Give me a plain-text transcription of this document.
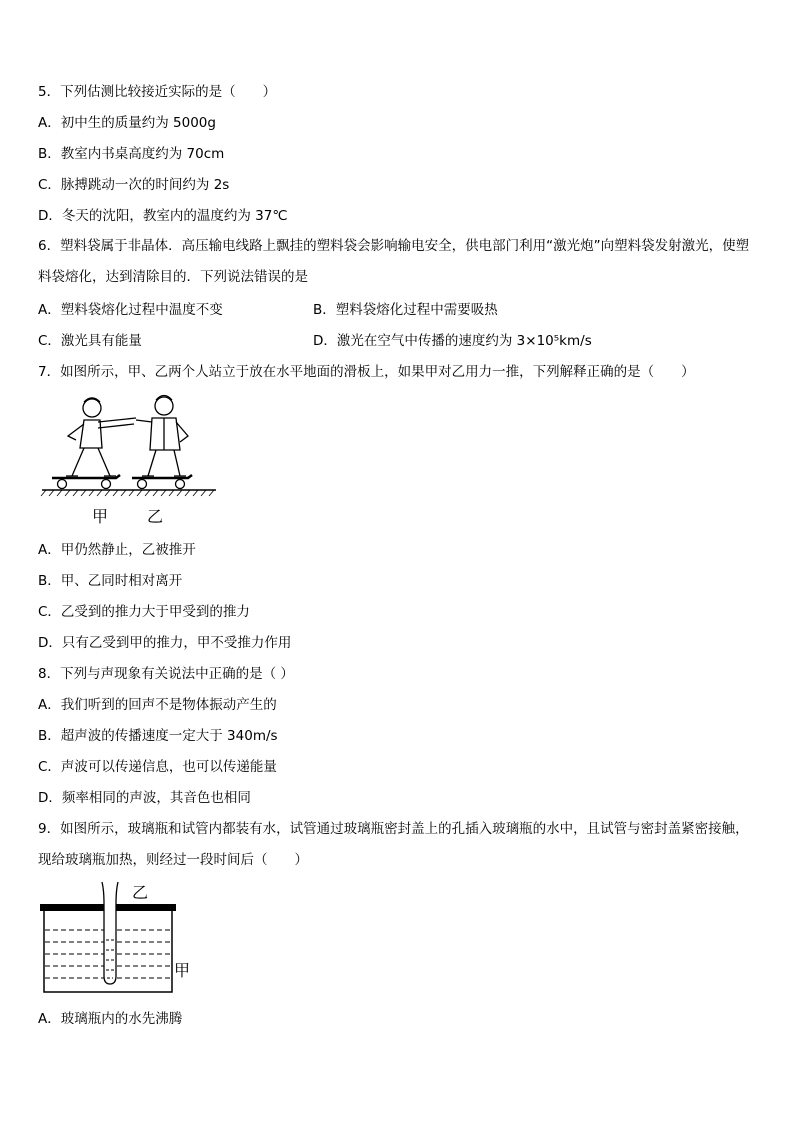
5．下列估测比较接近实际的是（　　）
A．初中生的质量约为 5000g
B．教室内书桌高度约为 70cm
C．脉搏跳动一次的时间约为 2s
D．冬天的沈阳，教室内的温度约为 37℃
6．塑料袋属于非晶体．高压输电线路上飘挂的塑料袋会影响输电安全，供电部门利用“激光炮”向塑料袋发射激光，使塑料袋熔化，达到清除目的．下列说法错误的是
A．塑料袋熔化过程中温度不变	B．塑料袋熔化过程中需要吸热
C．激光具有能量	D．激光在空气中传播的速度约为 3×10⁵km/s
7．如图所示，甲、乙两个人站立于放在水平地面的滑板上，如果甲对乙用力一推，下列解释正确的是（　　）
甲 乙
A．甲仍然静止，乙被推开
B．甲、乙同时相对离开
C．乙受到的推力大于甲受到的推力
D．只有乙受到甲的推力，甲不受推力作用
8．下列与声现象有关说法中正确的是（ ）
A．我们听到的回声不是物体振动产生的
B．超声波的传播速度一定大于 340m/s
C．声波可以传递信息，也可以传递能量
D．频率相同的声波，其音色也相同
9．如图所示，玻璃瓶和试管内都装有水，试管通过玻璃瓶密封盖上的孔插入玻璃瓶的水中，且试管与密封盖紧密接触，现给玻璃瓶加热，则经过一段时间后（　　）
乙
甲
A．玻璃瓶内的水先沸腾
